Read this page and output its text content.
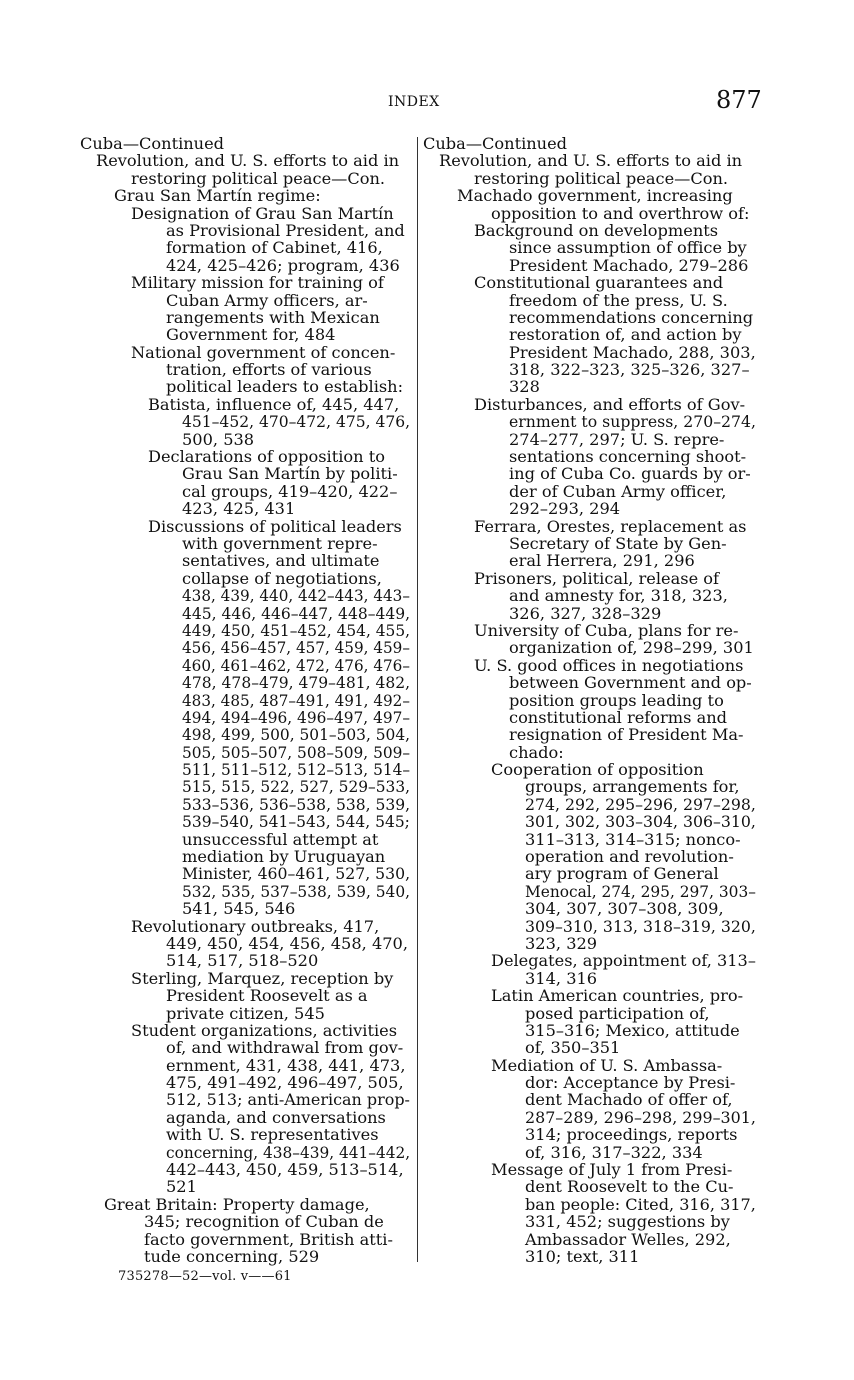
INDEX	877
Cuba—Continued
Revolution, and U. S. efforts to aid in
restoring political peace—Con.
Grau San Martín regime:
Designation of Grau San Martín
as Provisional President, and
formation of Cabinet, 416,
424, 425–426; program, 436
Military mission for training of
Cuban Army officers, ar-
rangements with Mexican
Government for, 484
National government of concen-
tration, efforts of various
political leaders to establish:
Batista, influence of, 445, 447,
451–452, 470–472, 475, 476,
500, 538
Declarations of opposition to
Grau San Martín by politi-
cal groups, 419–420, 422–
423, 425, 431
Discussions of political leaders
with government repre-
sentatives, and ultimate
collapse of negotiations,
438, 439, 440, 442–443, 443–
445, 446, 446–447, 448–449,
449, 450, 451–452, 454, 455,
456, 456–457, 457, 459, 459–
460, 461–462, 472, 476, 476–
478, 478–479, 479–481, 482,
483, 485, 487–491, 491, 492–
494, 494–496, 496–497, 497–
498, 499, 500, 501–503, 504,
505, 505–507, 508–509, 509–
511, 511–512, 512–513, 514–
515, 515, 522, 527, 529–533,
533–536, 536–538, 538, 539,
539–540, 541–543, 544, 545;
unsuccessful attempt at
mediation by Uruguayan
Minister, 460–461, 527, 530,
532, 535, 537–538, 539, 540,
541, 545, 546
Revolutionary outbreaks, 417,
449, 450, 454, 456, 458, 470,
514, 517, 518–520
Sterling, Marquez, reception by
President Roosevelt as a
private citizen, 545
Student organizations, activities
of, and withdrawal from gov-
ernment, 431, 438, 441, 473,
475, 491–492, 496–497, 505,
512, 513; anti-American prop-
aganda, and conversations
with U. S. representatives
concerning, 438–439, 441–442,
442–443, 450, 459, 513–514,
521
Great Britain: Property damage,
345; recognition of Cuban de
facto government, British atti-
tude concerning, 529
Cuba—Continued
Revolution, and U. S. efforts to aid in
restoring political peace—Con.
Machado government, increasing
opposition to and overthrow of:
Background on developments
since assumption of office by
President Machado, 279–286
Constitutional guarantees and
freedom of the press, U. S.
recommendations concerning
restoration of, and action by
President Machado, 288, 303,
318, 322–323, 325–326, 327–
328
Disturbances, and efforts of Gov-
ernment to suppress, 270–274,
274–277, 297; U. S. repre-
sentations concerning shoot-
ing of Cuba Co. guards by or-
der of Cuban Army officer,
292–293, 294
Ferrara, Orestes, replacement as
Secretary of State by Gen-
eral Herrera, 291, 296
Prisoners, political, release of
and amnesty for, 318, 323,
326, 327, 328–329
University of Cuba, plans for re-
organization of, 298–299, 301
U. S. good offices in negotiations
between Government and op-
position groups leading to
constitutional reforms and
resignation of President Ma-
chado:
Cooperation of opposition
groups, arrangements for,
274, 292, 295–296, 297–298,
301, 302, 303–304, 306–310,
311–313, 314–315; nonco-
operation and revolution-
ary program of General
Menocal, 274, 295, 297, 303–
304, 307, 307–308, 309,
309–310, 313, 318–319, 320,
323, 329
Delegates, appointment of, 313–
314, 316
Latin American countries, pro-
posed participation of,
315–316; Mexico, attitude
of, 350–351
Mediation of U. S. Ambassa-
dor: Acceptance by Presi-
dent Machado of offer of,
287–289, 296–298, 299–301,
314; proceedings, reports
of, 316, 317–322, 334
Message of July 1 from Presi-
dent Roosevelt to the Cu-
ban people: Cited, 316, 317,
331, 452; suggestions by
Ambassador Welles, 292,
310; text, 311
735278—52—vol. v——61
